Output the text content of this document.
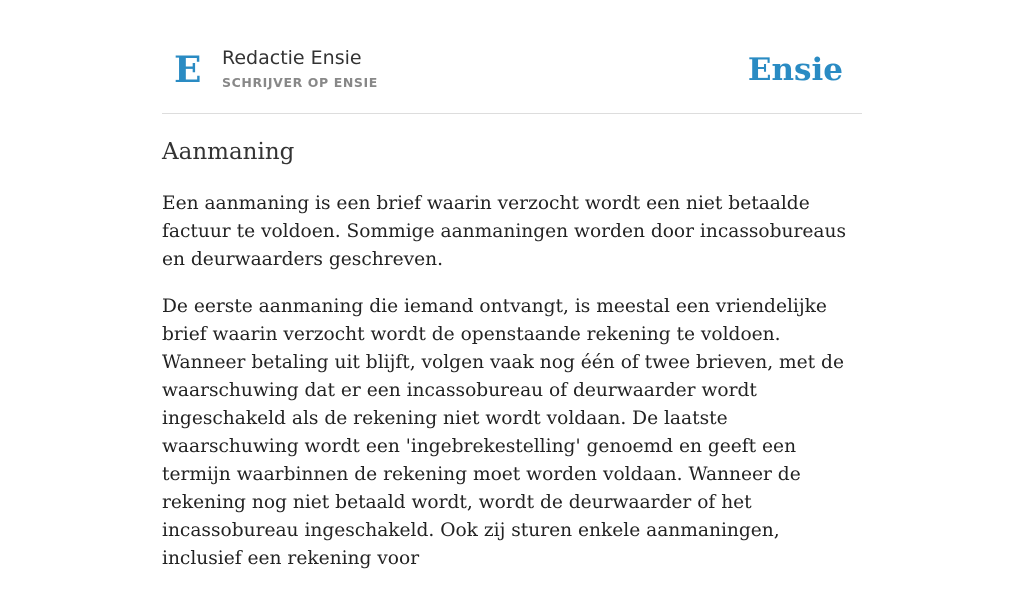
E Redactie Ensie
SCHRIJVER OP ENSIE	Ensie
Aanmaning

Een aanmaning is een brief waarin verzocht wordt een niet betaalde factuur te voldoen. Sommige aanmaningen worden door incassobureaus en deurwaarders geschreven.

De eerste aanmaning die iemand ontvangt, is meestal een vriendelijke brief waarin verzocht wordt de openstaande rekening te voldoen. Wanneer betaling uit blijft, volgen vaak nog één of twee brieven, met de waarschuwing dat er een incassobureau of deurwaarder wordt ingeschakeld als de rekening niet wordt voldaan. De laatste waarschuwing wordt een 'ingebrekestelling' genoemd en geeft een termijn waarbinnen de rekening moet worden voldaan. Wanneer de rekening nog niet betaald wordt, wordt de deurwaarder of het incassobureau ingeschakeld. Ook zij sturen enkele aanmaningen, inclusief een rekening voor
